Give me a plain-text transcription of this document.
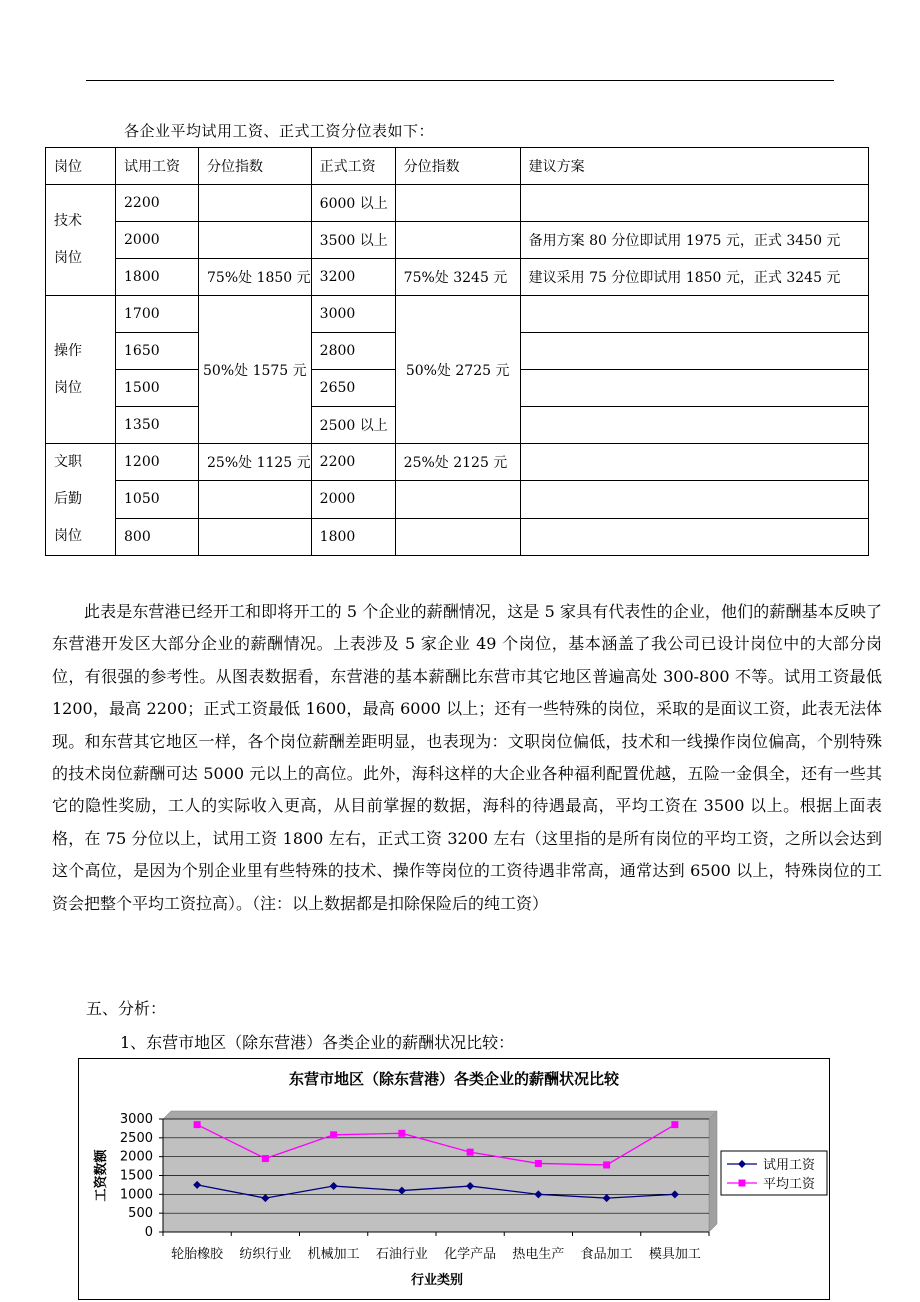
各企业平均试用工资、正式工资分位表如下：
岗位	试用工资	分位指数	正式工资	分位指数	建议方案

技术
岗位	2200		6000 以上		
	2000		3500 以上		备用方案 80 分位即试用 1975 元，正式 3450 元
	1800	75%处 1850 元	3200	75%处 3245 元	建议采用 75 分位即试用 1850 元，正式 3245 元

操作
岗位	1700	50%处 1575 元	3000	50%处 2725 元	
	1650		2800		
	1500		2650		
	1350		2500 以上		

文职
后勤
岗位	1200	25%处 1125 元	2200	25%处 2125 元	
	1050		2000		
	800		1800		

此表是东营港已经开工和即将开工的 5 个企业的薪酬情况，这是 5 家具有代表性的企业，他们的薪酬基本反映了东营港开发区大部分企业的薪酬情况。上表涉及 5 家企业 49 个岗位，基本涵盖了我公司已设计岗位中的大部分岗位，有很强的参考性。从图表数据看，东营港的基本薪酬比东营市其它地区普遍高处 300-800 不等。试用工资最低 1200，最高 2200；正式工资最低 1600，最高 6000 以上；还有一些特殊的岗位，采取的是面议工资，此表无法体现。和东营其它地区一样，各个岗位薪酬差距明显，也表现为：文职岗位偏低，技术和一线操作岗位偏高，个别特殊的技术岗位薪酬可达 5000 元以上的高位。此外，海科这样的大企业各种福利配置优越，五险一金俱全，还有一些其它的隐性奖励，工人的实际收入更高，从目前掌握的数据，海科的待遇最高，平均工资在 3500 以上。根据上面表格，在 75 分位以上，试用工资 1800 左右，正式工资 3200 左右（这里指的是所有岗位的平均工资，之所以会达到这个高位，是因为个别企业里有些特殊的技术、操作等岗位的工资待遇非常高，通常达到 6500 以上，特殊岗位的工资会把整个平均工资拉高）。（注：以上数据都是扣除保险后的纯工资）

五、分析：
1、东营市地区（除东营港）各类企业的薪酬状况比较：
东营市地区（除东营港）各类企业的薪酬状况比较
0
500
1000
1500
2000
2500
3000
轮胎橡胶 纺织行业 机械加工 石油行业 化学产品 热电生产 食品加工 模具加工
工资数额
行业类别
试用工资
平均工资
